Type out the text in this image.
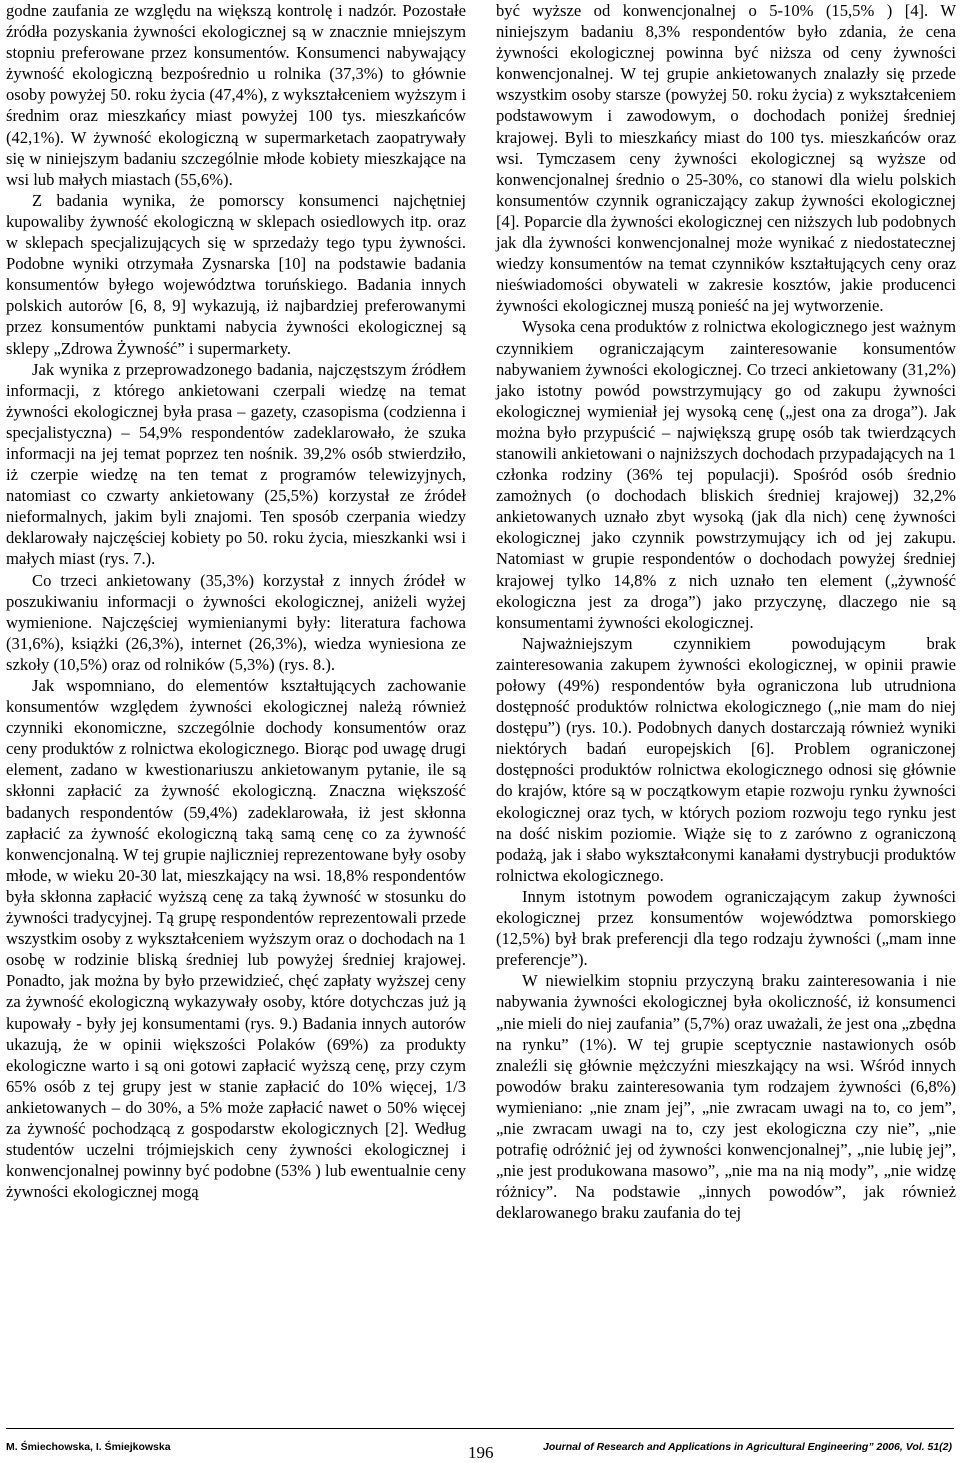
godne zaufania ze względu na większą kontrolę i nadzór. Pozostałe źródła pozyskania żywności ekologicznej są w znacznie mniejszym stopniu preferowane przez konsumentów. Konsumenci nabywający żywność ekologiczną bezpośrednio u rolnika (37,3%) to głównie osoby powyżej 50. roku życia (47,4%), z wykształceniem wyższym i średnim oraz mieszkańcy miast powyżej 100 tys. mieszkańców (42,1%). W żywność ekologiczną w supermarketach zaopatrywały się w niniejszym badaniu szczególnie młode kobiety mieszkające na wsi lub małych miastach (55,6%).

Z badania wynika, że pomorscy konsumenci najchętniej kupowaliby żywność ekologiczną w sklepach osiedlowych itp. oraz w sklepach specjalizujących się w sprzedaży tego typu żywności. Podobne wyniki otrzymała Zysnarska [10] na podstawie badania konsumentów byłego województwa toruńskiego. Badania innych polskich autorów [6, 8, 9] wykazują, iż najbardziej preferowanymi przez konsumentów punktami nabycia żywności ekologicznej są sklepy „Zdrowa Żywność” i supermarkety.

Jak wynika z przeprowadzonego badania, najczęstszym źródłem informacji, z którego ankietowani czerpali wiedzę na temat żywności ekologicznej była prasa – gazety, czasopisma (codzienna i specjalistyczna) – 54,9% respondentów zadeklarowało, że szuka informacji na jej temat poprzez ten nośnik. 39,2% osób stwierdziło, iż czerpie wiedzę na ten temat z programów telewizyjnych, natomiast co czwarty ankietowany (25,5%) korzystał ze źródeł nieformalnych, jakim byli znajomi. Ten sposób czerpania wiedzy deklarowały najczęściej kobiety po 50. roku życia, mieszkanki wsi i małych miast (rys. 7.).

Co trzeci ankietowany (35,3%) korzystał z innych źródeł w poszukiwaniu informacji o żywności ekologicznej, aniżeli wyżej wymienione. Najczęściej wymienianymi były: literatura fachowa (31,6%), książki (26,3%), internet (26,3%), wiedza wyniesiona ze szkoły (10,5%) oraz od rolników (5,3%) (rys. 8.).

Jak wspomniano, do elementów kształtujących zachowanie konsumentów względem żywności ekologicznej należą również czynniki ekonomiczne, szczególnie dochody konsumentów oraz ceny produktów z rolnictwa ekologicznego. Biorąc pod uwagę drugi element, zadano w kwestionariuszu ankietowanym pytanie, ile są skłonni zapłacić za żywność ekologiczną. Znaczna większość badanych respondentów (59,4%) zadeklarowała, iż jest skłonna zapłacić za żywność ekologiczną taką samą cenę co za żywność konwencjonalną. W tej grupie najliczniej reprezentowane były osoby młode, w wieku 20-30 lat, mieszkający na wsi. 18,8% respondentów była skłonna zapłacić wyższą cenę za taką żywność w stosunku do żywności tradycyjnej. Tą grupę respondentów reprezentowali przede wszystkim osoby z wykształceniem wyższym oraz o dochodach na 1 osobę w rodzinie bliską średniej lub powyżej średniej krajowej. Ponadto, jak można by było przewidzieć, chęć zapłaty wyższej ceny za żywność ekologiczną wykazywały osoby, które dotychczas już ją kupowały - były jej konsumentami (rys. 9.) Badania innych autorów ukazują, że w opinii większości Polaków (69%) za produkty ekologiczne warto i są oni gotowi zapłacić wyższą cenę, przy czym 65% osób z tej grupy jest w stanie zapłacić do 10% więcej, 1/3 ankietowanych – do 30%, a 5% może zapłacić nawet o 50% więcej za żywność pochodzącą z gospodarstw ekologicznych [2]. Według studentów uczelni trójmiejskich ceny żywności ekologicznej i konwencjonalnej powinny być podobne (53% ) lub ewentualnie ceny żywności ekologicznej mogą

być wyższe od konwencjonalnej o 5-10% (15,5% ) [4]. W niniejszym badaniu 8,3% respondentów było zdania, że cena żywności ekologicznej powinna być niższa od ceny żywności konwencjonalnej. W tej grupie ankietowanych znalazły się przede wszystkim osoby starsze (powyżej 50. roku życia) z wykształceniem podstawowym i zawodowym, o dochodach poniżej średniej krajowej. Byli to mieszkańcy miast do 100 tys. mieszkańców oraz wsi. Tymczasem ceny żywności ekologicznej są wyższe od konwencjonalnej średnio o 25-30%, co stanowi dla wielu polskich konsumentów czynnik ograniczający zakup żywności ekologicznej [4]. Poparcie dla żywności ekologicznej cen niższych lub podobnych jak dla żywności konwencjonalnej może wynikać z niedostatecznej wiedzy konsumentów na temat czynników kształtujących ceny oraz nieświadomości obywateli w zakresie kosztów, jakie producenci żywności ekologicznej muszą ponieść na jej wytworzenie.

Wysoka cena produktów z rolnictwa ekologicznego jest ważnym czynnikiem ograniczającym zainteresowanie konsumentów nabywaniem żywności ekologicznej. Co trzeci ankietowany (31,2%) jako istotny powód powstrzymujący go od zakupu żywności ekologicznej wymieniał jej wysoką cenę („jest ona za droga”). Jak można było przypuścić – największą grupę osób tak twierdzących stanowili ankietowani o najniższych dochodach przypadających na 1 członka rodziny (36% tej populacji). Spośród osób średnio zamożnych (o dochodach bliskich średniej krajowej) 32,2% ankietowanych uznało zbyt wysoką (jak dla nich) cenę żywności ekologicznej jako czynnik powstrzymujący ich od jej zakupu. Natomiast w grupie respondentów o dochodach powyżej średniej krajowej tylko 14,8% z nich uznało ten element („żywność ekologiczna jest za droga”) jako przyczynę, dlaczego nie są konsumentami żywności ekologicznej.

Najważniejszym czynnikiem powodującym brak zainteresowania zakupem żywności ekologicznej, w opinii prawie połowy (49%) respondentów była ograniczona lub utrudniona dostępność produktów rolnictwa ekologicznego („nie mam do niej dostępu”) (rys. 10.). Podobnych danych dostarczają również wyniki niektórych badań europejskich [6]. Problem ograniczonej dostępności produktów rolnictwa ekologicznego odnosi się głównie do krajów, które są w początkowym etapie rozwoju rynku żywności ekologicznej oraz tych, w których poziom rozwoju tego rynku jest na dość niskim poziomie. Wiąże się to z zarówno z ograniczoną podażą, jak i słabo wykształconymi kanałami dystrybucji produktów rolnictwa ekologicznego.

Innym istotnym powodem ograniczającym zakup żywności ekologicznej przez konsumentów województwa pomorskiego (12,5%) był brak preferencji dla tego rodzaju żywności („mam inne preferencje”).

W niewielkim stopniu przyczyną braku zainteresowania i nie nabywania żywności ekologicznej była okoliczność, iż konsumenci „nie mieli do niej zaufania” (5,7%) oraz uważali, że jest ona „zbędna na rynku” (1%). W tej grupie sceptycznie nastawionych osób znaleźli się głównie mężczyźni mieszkający na wsi. Wśród innych powodów braku zainteresowania tym rodzajem żywności (6,8%) wymieniano: „nie znam jej”, „nie zwracam uwagi na to, co jem”, „nie zwracam uwagi na to, czy jest ekologiczna czy nie”, „nie potrafię odróżnić jej od żywności konwencjonalnej”, „nie lubię jej”, „nie jest produkowana masowo”, „nie ma na nią mody”, „nie widzę różnicy”. Na podstawie „innych powodów”, jak również deklarowanego braku zaufania do tej

M. Śmiechowska, I. Śmiejkowska	196	Journal of Research and Applications in Agricultural Engineering” 2006, Vol. 51(2)
